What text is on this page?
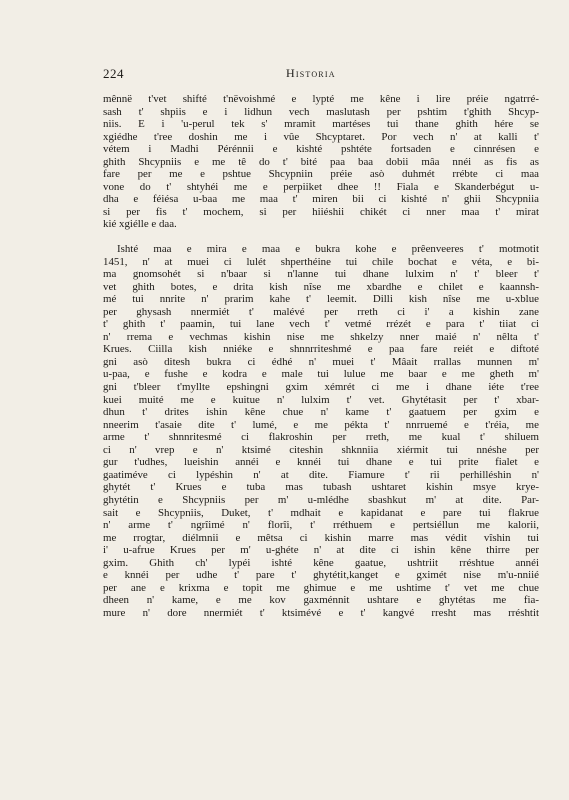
224	Historia
mênnë t'vet shifté t'nëvoishmé e lypté me kêne i lire préie ngatrré-
sash t' shpiis e i lidhun vech maslutash per pshtim t'ghith Shcyp-
niis. E i 'u-perul tek s' mramit martéses tui thane ghith hére se
xgiédhe t'ree doshin me i vûe Shcyptaret. Por vech n' at kalli t'
vétem i Madhi Pérénnii e kishté pshtéte fortsaden e cinnrésen e
ghith Shcypniis e me tê do t' bité paa baa dobii mâa nnéi as fis as
fare per me e pshtue Shcypniin préie asò duhmét rrébte ci maa
vone do t' shtyhéi me e perpiiket dhee !! Fiala e Skanderbégut u-
dha e féiésa u-baa me maa t' miren bii ci kishté n' ghii Shcypniia
si per fis t' mochem, si per hiiéshii chikét ci nner maa t' mirat
kié xgiélle e daa.
Ishté maa e mira e maa e bukra kohe e prêenveeres t' motmotit
1451, n' at muei ci lulét shperthéine tui chile bochat e véta, e bi-
ma gnomsohét si n'baar si n'lanne tui dhane lulxim n' t' bleer t'
vet ghith botes, e drita kish nîse me xbardhe e chilet e kaannsh-
mé tui nnrite n' prarim kahe t' leemit. Dilli kish nîse me u-xblue
per ghysash nnermiét t' malévé per rreth ci i' a kishin zane
t' ghith t' paamin, tui lane vech t' vetmé rrézét e para t' tiiat ci
n' rrema e vechmas kishin nise me shkelzy nner maié n' nêlta t'
Krues. Ciilla kish nniéke e shnnrriteshmé e paa fare reiét e diftoté
gni asò ditesh bukra ci édhé n' muei t' Mâait rrallas munnen m'
u-paa, e fushe e kodra e male tui lulue me baar e me gheth m'
gni t'bleer t'myllte epshingni gxim xémrét ci me i dhane iéte t'ree
kuei muité me e kuitue n' lulxim t' vet. Ghytétasit per t' xbar-
dhun t' drites ishin kêne chue n' kame t' gaatuem per gxim e
nneerim t'asaie dite t' lumé, e me pékta t' nnrruemé e t'réia, me
arme t' shnnritesmé ci flakroshin per rreth, me kual t' shiluem
ci n' vrep e n' ktsimé citeshin shknniia xiérmit tui nnéshe per
gur t'udhes, lueishin annéi e knnéi tui dhane e tui prite fialet e
gaatiméve ci lypéshin n' at dite. Fiamure t' rii perhilléshin n'
ghytét t' Krues e tuba mas tubash ushtaret kishin msye krye-
ghytétin e Shcypniis per m' u-mlédhe sbashkut m' at dite. Par-
sait e Shcypniis, Duket, t' mdhait e kapidanat e pare tui flakrue
n' arme t' ngrîimé n' florîi, t' rréthuem e pertsiéllun me kalorii,
me rrogtar, diélmnii e mêtsa ci kishin marre mas védit vîshin tui
i' u-afrue Krues per m' u-ghéte n' at dite ci ishin kêne thirre per
gxim. Ghith ch' lypéi ishté kêne gaatue, ushtriit rréshtue annéi
e knnéi per udhe t' pare t' ghytétit,kanget e gximét nise m'u-nniié
per ane e krixma e topit me ghimue e me ushtime t' vet me chue
dheen n' kame, e me kov gaxménnit ushtare e ghytétas me fia-
mure n' dore nnermiét t' ktsimévé e t' kangvé rresht mas rréshtit
